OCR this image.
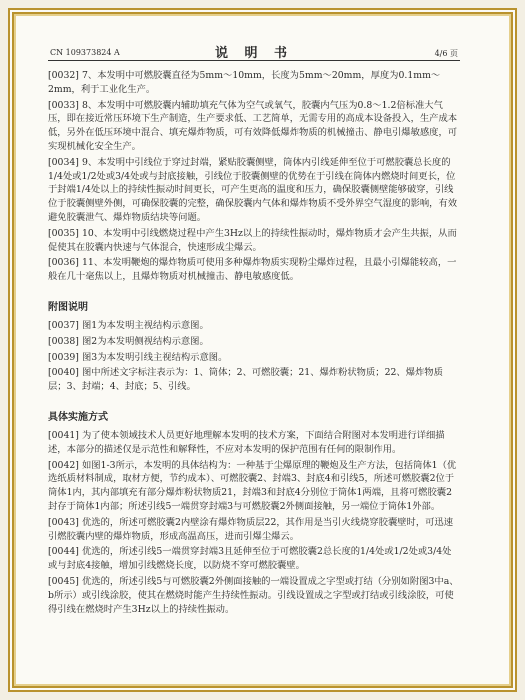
CN 109373824 A	说 明 书	4/6 页

[0032] 7、本发明中可燃胶囊直径为5mm～10mm，长度为5mm～20mm，厚度为0.1mm～2mm，利于工业化生产。

[0033] 8、本发明中可燃胶囊内辅助填充气体为空气或氧气，胶囊内气压为0.8～1.2倍标准大气压，即在接近常压环境下生产制造，生产要求低、工艺简单，无需专用的高成本设备投入，生产成本低，另外在低压环境中混合、填充爆炸物质，可有效降低爆炸物质的机械撞击、静电引爆敏感度，可实现机械化安全生产。

[0034] 9、本发明中引线位于穿过封端，紧贴胶囊侧壁，筒体内引线延伸至位于可燃胶囊总长度的1/4处或1/2处或3/4处或与封底接触，引线位于胶囊侧壁的优势在于引线在筒体内燃烧时间更长，位于封端1/4处以上的持续性振动时间更长，可产生更高的温度和压力，确保胶囊侧壁能够破穿，引线位于胶囊侧壁外侧，可确保胶囊的完整，确保胶囊内气体和爆炸物质不受外界空气湿度的影响，有效避免胶囊泄气、爆炸物质结块等问题。

[0035] 10、本发明中引线燃烧过程中产生3Hz以上的持续性振动时，爆炸物质才会产生共振，从而促使其在胶囊内快速与气体混合，快速形成尘爆云。

[0036] 11、本发明鞭炮的爆炸物质可使用多种爆炸物质实现粉尘爆炸过程，且最小引爆能较高，一般在几十毫焦以上，且爆炸物质对机械撞击、静电敏感度低。

附图说明

[0037] 图1为本发明主视结构示意图。

[0038] 图2为本发明侧视结构示意图。

[0039] 图3为本发明引线主视结构示意图。

[0040] 图中所述文字标注表示为：1、筒体；2、可燃胶囊；21、爆炸粉状物质；22、爆炸物质层；3、封端；4、封底；5、引线。

具体实施方式

[0041] 为了使本领域技术人员更好地理解本发明的技术方案，下面结合附图对本发明进行详细描述，本部分的描述仅是示范性和解释性，不应对本发明的保护范围有任何的限制作用。

[0042] 如图1-3所示，本发明的具体结构为：一种基于尘爆原理的鞭炮及生产方法，包括筒体1（优选纸质材料制成，取材方便，节约成本）、可燃胶囊2、封端3、封底4和引线5，所述可燃胶囊2位于筒体1内，其内部填充有部分爆炸粉状物质21，封端3和封底4分别位于筒体1两端，且将可燃胶囊2封存于筒体1内部；所述引线5一端贯穿封端3与可燃胶囊2外侧面接触，另一端位于筒体1外部。

[0043] 优选的，所述可燃胶囊2内壁涂有爆炸物质层22，其作用是当引火线烧穿胶囊壁时，可迅速引燃胶囊内壁的爆炸物质，形成高温高压，进而引爆尘爆云。

[0044] 优选的，所述引线5一端贯穿封端3且延伸至位于可燃胶囊2总长度的1/4处或1/2处或3/4处或与封底4接触，增加引线燃烧长度，以防烧不穿可燃胶囊壁。

[0045] 优选的，所述引线5与可燃胶囊2外侧面接触的一端设置成之字型或打结（分别如附图3中a、b所示）或引线涂胶，使其在燃烧时能产生持续性振动。引线设置成之字型或打结或引线涂胶，可使得引线在燃烧时产生3Hz以上的持续性振动。
